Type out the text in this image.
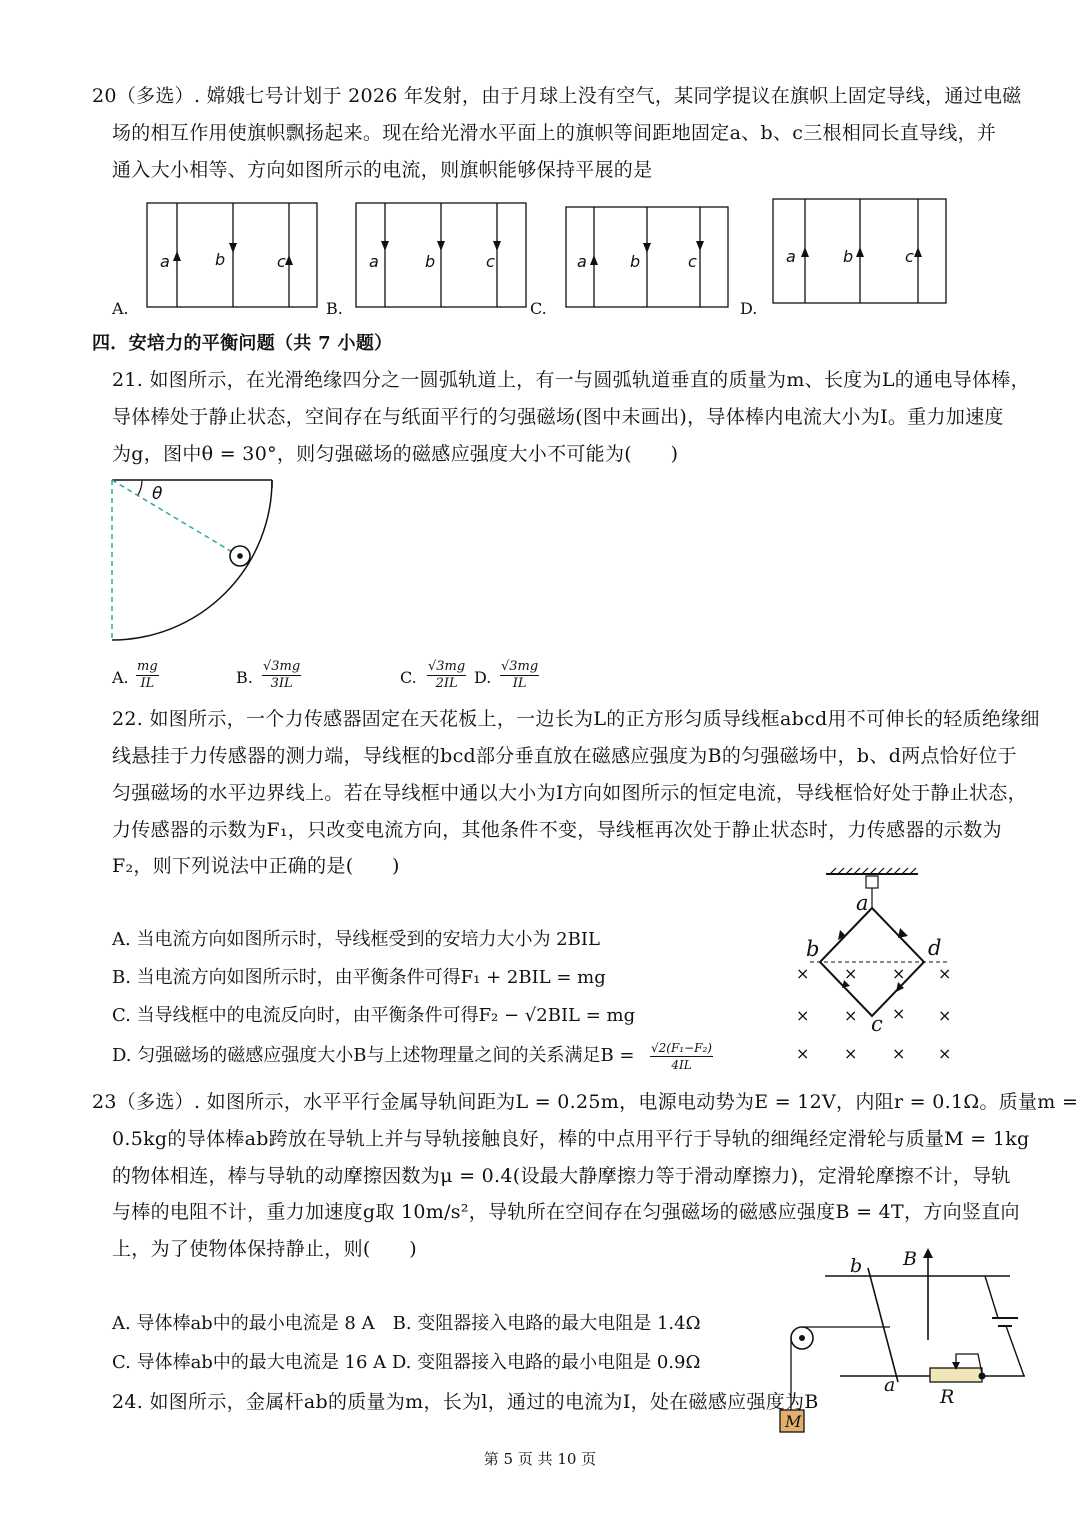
20（多选）. 嫦娥七号计划于 2026 年发射，由于月球上没有空气，某同学提议在旗帜上固定导线，通过电磁
场的相互作用使旗帜飘扬起来。现在给光滑水平面上的旗帜等间距地固定a、b、c三根相同长直导线，并
通入大小相等、方向如图所示的电流，则旗帜能够保持平展的是
a	b	c	a	b	c	a	b	c	a	b	c
A.	B.	C.	D.
四．安培力的平衡问题（共 7 小题）
21. 如图所示，在光滑绝缘四分之一圆弧轨道上，有一与圆弧轨道垂直的质量为m、长度为L的通电导体棒，
导体棒处于静止状态，空间存在与纸面平行的匀强磁场(图中未画出)，导体棒内电流大小为I。重力加速度
为g，图中θ = 30°，则匀强磁场的磁感应强度大小不可能为(　　)
θ
A. $\frac{mg}{IL}$	B. $\frac{√3mg}{3IL}$	C. $\frac{√3mg}{2IL} D$. $\frac{√3mg}{IL}$
22. 如图所示，一个力传感器固定在天花板上，一边长为L的正方形匀质导线框abcd用不可伸长的轻质绝缘细
线悬挂于力传感器的测力端，导线框的bcd部分垂直放在磁感应强度为B的匀强磁场中，b、d两点恰好位于
匀强磁场的水平边界线上。若在导线框中通以大小为I方向如图所示的恒定电流，导线框恰好处于静止状态，
力传感器的示数为F₁，只改变电流方向，其他条件不变，导线框再次处于静止状态时，力传感器的示数为
F₂，则下列说法中正确的是(　　)
A. 当电流方向如图所示时，导线框受到的安培力大小为 2BIL
B. 当电流方向如图所示时，由平衡条件可得F₁ + 2BIL = mg
C. 当导线框中的电流反向时，由平衡条件可得F₂ − √2BIL = mg
D. 匀强磁场的磁感应强度大小B与上述物理量之间的关系满足$B = \frac{\text{√2(F₁−F₂)}}{4IL}$
a
b	d
c
× × × ×
× × × ×
× × × ×
23（多选）. 如图所示，水平平行金属导轨间距为L = 0.25m，电源电动势为E = 12V，内阻r = 0.1Ω。质量m =
0.5kg的导体棒ab跨放在导轨上并与导轨接触良好，棒的中点用平行于导轨的细绳经定滑轮与质量M = 1kg
的物体相连，棒与导轨的动摩擦因数为μ = 0.4(设最大静摩擦力等于滑动摩擦力)，定滑轮摩擦不计，导轨
与棒的电阻不计，重力加速度g取 10m/s²，导轨所在空间存在匀强磁场的磁感应强度B = 4T，方向竖直向
上，为了使物体保持静止，则(　　)
A. 导体棒ab中的最小电流是 8 A　B. 变阻器接入电路的最大电阻是 1.4Ω
C. 导体棒ab中的最大电流是 16 A D. 变阻器接入电路的最小电阻是 0.9Ω
b B
a
R
M
24. 如图所示，金属杆ab的质量为m，长为l，通过的电流为I，处在磁感应强度为B
第 5 页 共 10 页
